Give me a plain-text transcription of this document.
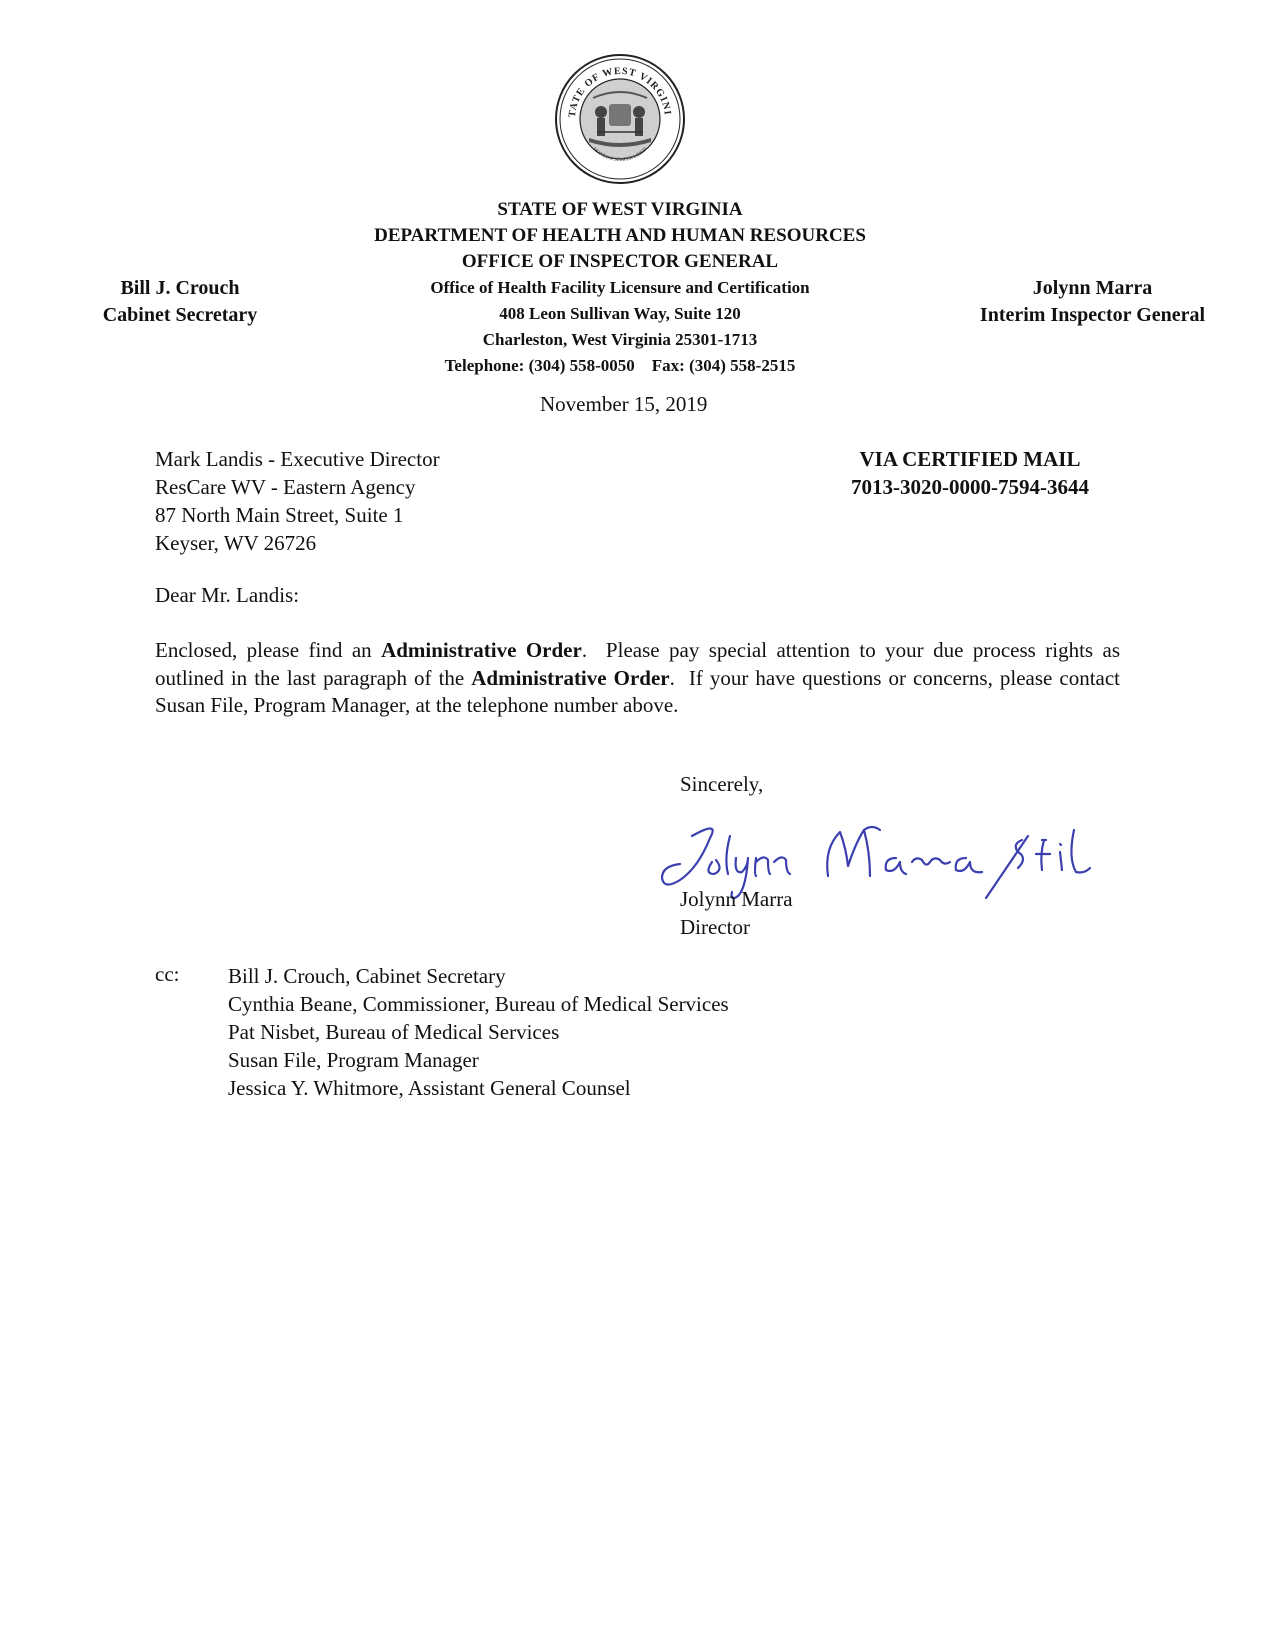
TATE OF WEST VIRGINI
MONTANI SEMPER LIBERI
STATE OF WEST VIRGINIA
DEPARTMENT OF HEALTH AND HUMAN RESOURCES
OFFICE OF INSPECTOR GENERAL
Office of Health Facility Licensure and Certification
408 Leon Sullivan Way, Suite 120
Charleston, West Virginia 25301-1713
Telephone: (304) 558-0050    Fax: (304) 558-2515
Bill J. Crouch
Cabinet Secretary
Jolynn Marra
Interim Inspector General
November 15, 2019
Mark Landis - Executive Director
ResCare WV - Eastern Agency
87 North Main Street, Suite 1
Keyser, WV 26726
VIA CERTIFIED MAIL
7013-3020-0000-7594-3644
Dear Mr. Landis:
Enclosed, please find an Administrative Order.  Please pay special attention to your due process rights as outlined in the last paragraph of the Administrative Order.  If your have questions or concerns, please contact Susan File, Program Manager, at the telephone number above.
Sincerely,
Jolynn Marra
Director
cc: Bill J. Crouch, Cabinet Secretary
Cynthia Beane, Commissioner, Bureau of Medical Services
Pat Nisbet, Bureau of Medical Services
Susan File, Program Manager
Jessica Y. Whitmore, Assistant General Counsel
